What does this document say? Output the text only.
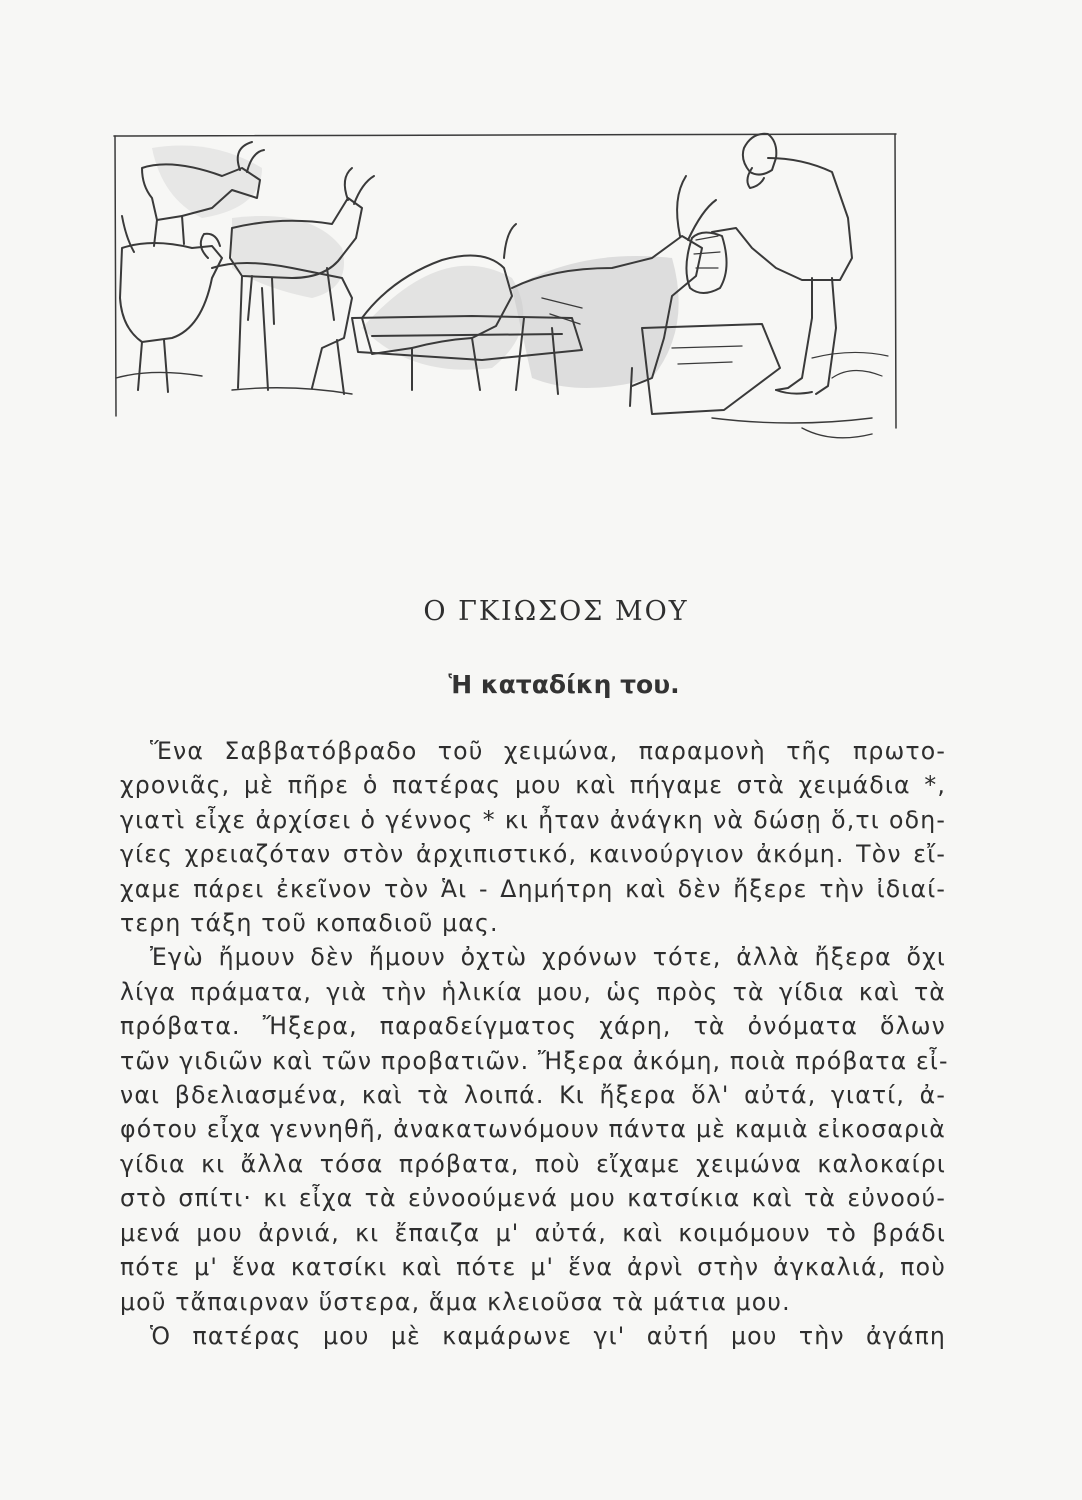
Ο ΓΚΙΩΣΟΣ ΜΟΥ
Ἡ καταδίκη του.
Ἕνα Σαββατόβραδο τοῦ χειμώνα, παραμονὴ τῆς πρωτο-
χρονιᾶς, μὲ πῆρε ὁ πατέρας μου καὶ πήγαμε στὰ χειμάδια *,
γιατὶ εἶχε ἀρχίσει ὁ γέννος * κι ἦταν ἀνάγκη νὰ δώσῃ ὅ,τι οδη-
γίες χρειαζόταν στὸν ἀρχιπιστικό, καινούργιον ἀκόμη. Τὸν εἴ-
χαμε πάρει ἐκεῖνον τὸν Ἁι - Δημήτρη καὶ δὲν ἤξερε τὴν ἰδιαί-
τερη τάξη τοῦ κοπαδιοῦ μας.
Ἐγὼ ἤμουν δὲν ἤμουν ὀχτὼ χρόνων τότε, ἀλλὰ ἤξερα ὄχι
λίγα πράματα, γιὰ τὴν ἡλικία μου, ὡς πρὸς τὰ γίδια καὶ τὰ
πρόβατα. Ἤξερα, παραδείγματος χάρη, τὰ ὀνόματα ὅλων
τῶν γιδιῶν καὶ τῶν προβατιῶν. Ἤξερα ἀκόμη, ποιὰ πρόβατα εἶ-
ναι βδελιασμένα, καὶ τὰ λοιπά. Κι ἤξερα ὅλ' αὐτά, γιατί, ἀ-
φότου εἶχα γεννηθῆ, ἀνακατωνόμουν πάντα μὲ καμιὰ εἰκοσαριὰ
γίδια κι ἄλλα τόσα πρόβατα, ποὺ εἴχαμε χειμώνα καλοκαίρι
στὸ σπίτι· κι εἶχα τὰ εὐνοούμενά μου κατσίκια καὶ τὰ εὐνοού-
μενά μου ἀρνιά, κι ἔπαιζα μ' αὐτά, καὶ κοιμόμουν τὸ βράδι
πότε μ' ἕνα κατσίκι καὶ πότε μ' ἕνα ἀρνὶ στὴν ἀγκαλιά, ποὺ
μοῦ τἄπαιρναν ὕστερα, ἅμα κλειοῦσα τὰ μάτια μου.
Ὁ πατέρας μου μὲ καμάρωνε γι' αὐτή μου τὴν ἀγάπη
